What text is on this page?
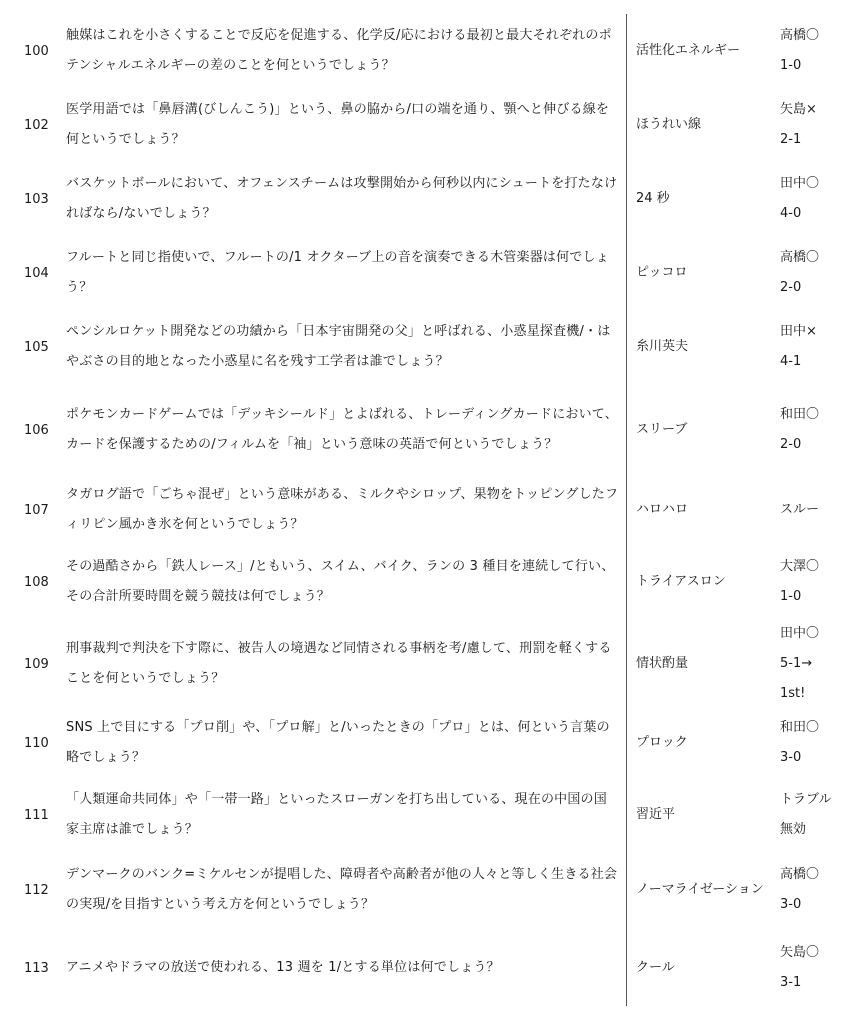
100
触媒はこれを小さくすることで反応を促進する、化学反/応における最初と最大それぞれのポテンシャルエネルギーの差のことを何というでしょう？
活性化エネルギー
高橋〇
1-0
102
医学用語では「鼻唇溝(びしんこう)」という、鼻の脇から/口の端を通り、顎へと伸びる線を何というでしょう？
ほうれい線
矢島×
2-1
103
バスケットボールにおいて、オフェンスチームは攻撃開始から何秒以内にシュートを打たなければなら/ないでしょう？
24 秒
田中〇
4-0
104
フルートと同じ指使いで、フルートの/1 オクターブ上の音を演奏できる木管楽器は何でしょう？
ピッコロ
高橋〇
2-0
105
ペンシルロケット開発などの功績から「日本宇宙開発の父」と呼ばれる、小惑星探査機/・はやぶさの目的地となった小惑星に名を残す工学者は誰でしょう？
糸川英夫
田中×
4-1
106
ポケモンカードゲームでは「デッキシールド」とよばれる、トレーディングカードにおいて、カードを保護するための/フィルムを「袖」という意味の英語で何というでしょう？
スリーブ
和田〇
2-0
107
タガログ語で「ごちゃ混ぜ」という意味がある、ミルクやシロップ、果物をトッピングしたフィリピン風かき氷を何というでしょう？
ハロハロ	スルー
108
その過酷さから「鉄人レース」/ともいう、スイム、バイク、ランの 3 種目を連続して行い、その合計所要時間を競う競技は何でしょう？
トライアスロン
大澤〇
1-0
109
刑事裁判で判決を下す際に、被告人の境遇など同情される事柄を考/慮して、刑罰を軽くすることを何というでしょう？
情状酌量
田中〇
5-1→
1st!
110
SNS 上で目にする「プロ削」や、「プロ解」と/いったときの「プロ」とは、何という言葉の略でしょう？
プロック
和田〇
3-0
111
「人類運命共同体」や「一帯一路」といったスローガンを打ち出している、現在の中国の国家主席は誰でしょう？
習近平
トラブル無効
112
デンマークのバンク=ミケルセンが提唱した、障碍者や高齢者が他の人々と等しく生きる社会の実現/を目指すという考え方を何というでしょう？
ノーマライゼーション
高橋〇
3-0
113 アニメやドラマの放送で使われる、13 週を 1/とする単位は何でしょう？	クール
矢島〇
3-1
